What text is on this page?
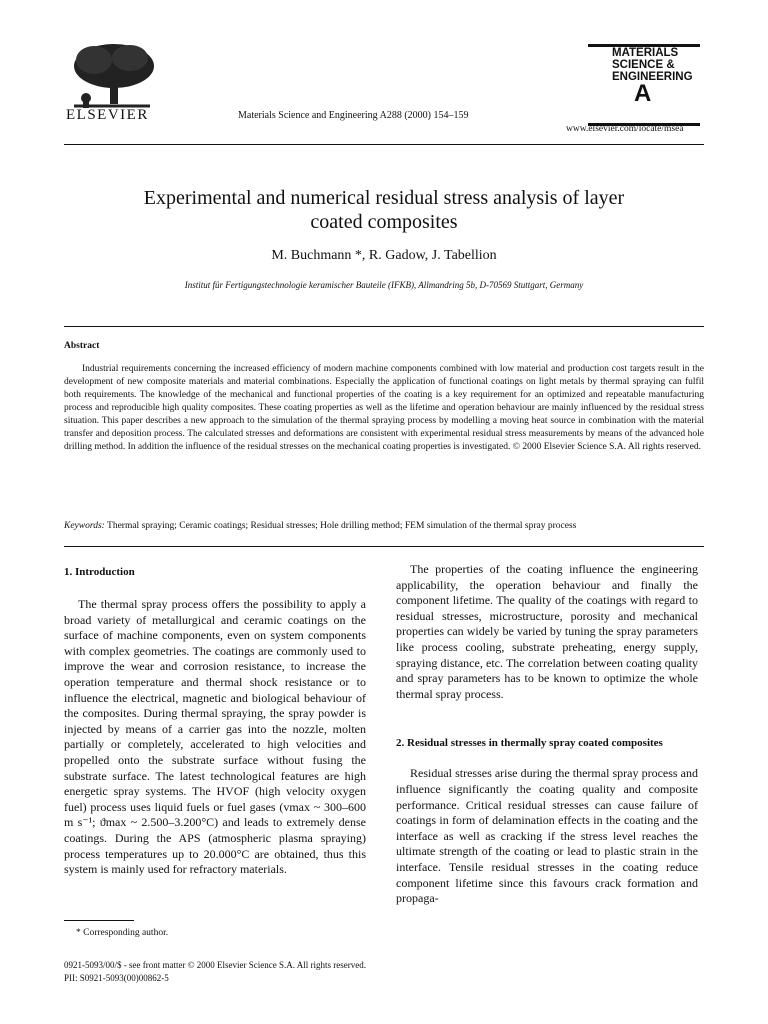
ELSEVIER	Materials Science and Engineering A288 (2000) 154–159
MATERIALS
SCIENCE &
ENGINEERING
A
www.elsevier.com/locate/msea
Experimental and numerical residual stress analysis of layer
coated composites
M. Buchmann *, R. Gadow, J. Tabellion
Institut für Fertigungstechnologie keramischer Bauteile (IFKB), Allmandring 5b, D-70569 Stuttgart, Germany
Abstract
Industrial requirements concerning the increased efficiency of modern machine components combined with low material and production cost targets result in the development of new composite materials and material combinations. Especially the application of functional coatings on light metals by thermal spraying can fulfil both requirements. The knowledge of the mechanical and functional properties of the coating is a key requirement for an optimized and repeatable manufacturing process and reproducible high quality composites. These coating properties as well as the lifetime and operation behaviour are mainly influenced by the residual stress situation. This paper describes a new approach to the simulation of the thermal spraying process by modelling a moving heat source in combination with the material transfer and deposition process. The calculated stresses and deformations are consistent with experimental residual stress measurements by means of the advanced hole drilling method. In addition the influence of the residual stresses on the mechanical coating properties is investigated. © 2000 Elsevier Science S.A. All rights reserved.
Keywords: Thermal spraying; Ceramic coatings; Residual stresses; Hole drilling method; FEM simulation of the thermal spray process
1. Introduction
The thermal spray process offers the possibility to apply a broad variety of metallurgical and ceramic coatings on the surface of machine components, even on system components with complex geometries. The coatings are commonly used to improve the wear and corrosion resistance, to increase the operation temperature and thermal shock resistance or to influence the electrical, magnetic and biological behaviour of the composites. During thermal spraying, the spray powder is injected by means of a carrier gas into the nozzle, molten partially or completely, accelerated to high velocities and propelled onto the substrate surface without fusing the substrate surface. The latest technological features are high energetic spray systems. The HVOF (high velocity oxygen fuel) process uses liquid fuels or fuel gases (vmax ~ 300–600 m s⁻¹; ϑmax ~ 2.500–3.200°C) and leads to extremely dense coatings. During the APS (atmospheric plasma spraying) process temperatures up to 20.000°C are obtained, thus this system is mainly used for refractory materials.
The properties of the coating influence the engineering applicability, the operation behaviour and finally the component lifetime. The quality of the coatings with regard to residual stresses, microstructure, porosity and mechanical properties can widely be varied by tuning the spray parameters like process cooling, substrate preheating, energy supply, spraying distance, etc. The correlation between coating quality and spray parameters has to be known to optimize the whole thermal spray process.
2. Residual stresses in thermally spray coated composites
Residual stresses arise during the thermal spray process and influence significantly the coating quality and composite performance. Critical residual stresses can cause failure of coatings in form of delamination effects in the coating and the interface as well as cracking if the stress level reaches the ultimate strength of the coating or lead to plastic strain in the interface. Tensile residual stresses in the coating reduce component lifetime since this favours crack formation and propaga-
* Corresponding author.
0921-5093/00/$ - see front matter © 2000 Elsevier Science S.A. All rights reserved.
PII: S0921-5093(00)00862-5
